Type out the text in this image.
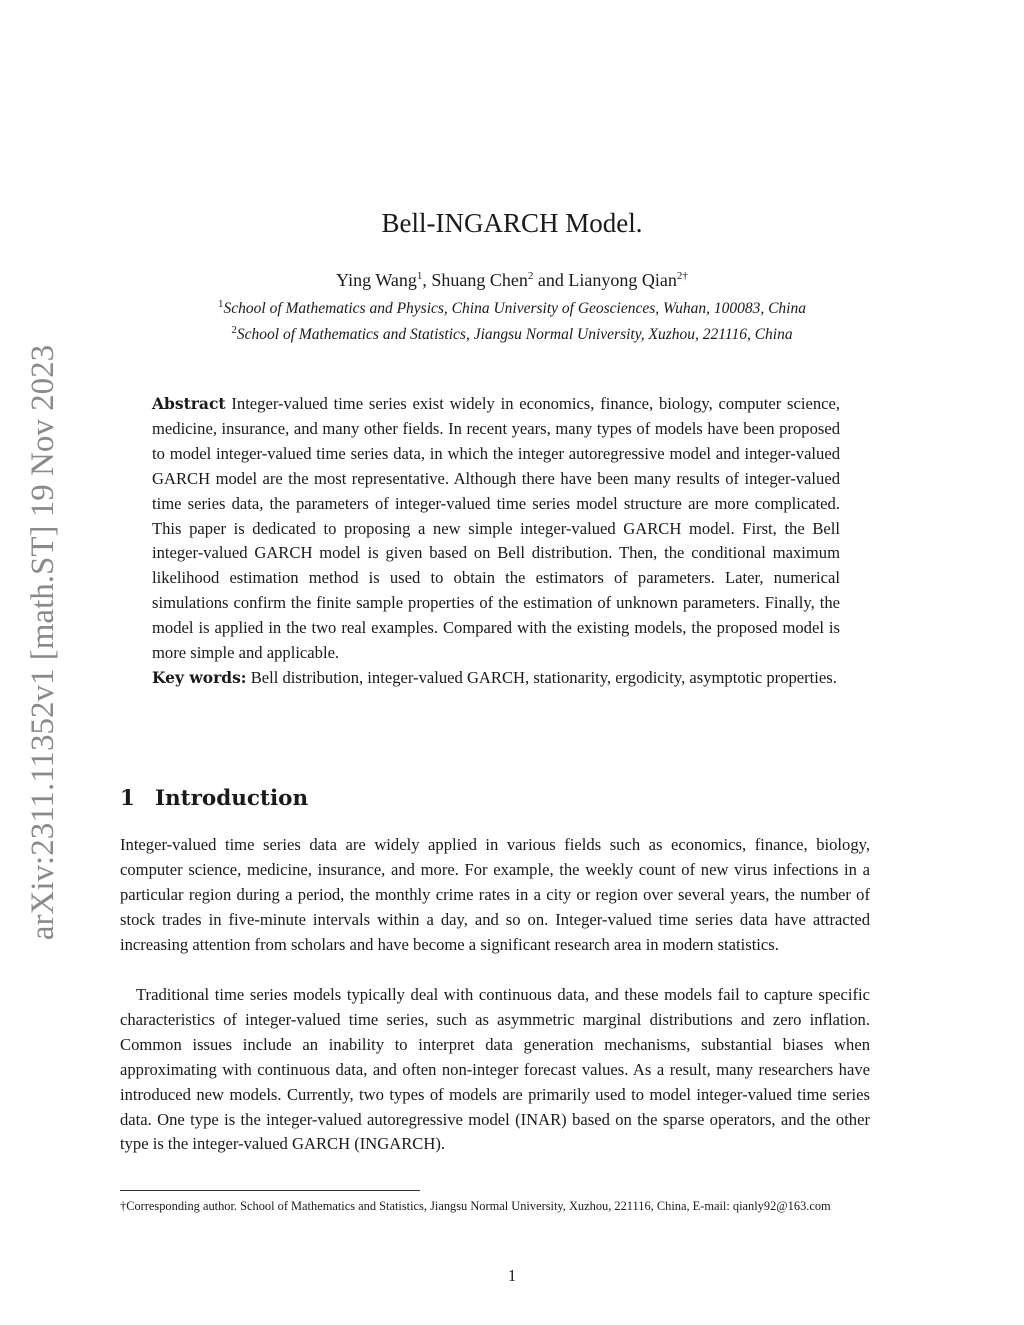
arXiv:2311.11352v1 [math.ST] 19 Nov 2023
Bell-INGARCH Model.
Ying Wang$^1$, Shuang Chen$^2$ and Lianyong Qian$^{2\dagger}$
$^1$School of Mathematics and Physics, China University of Geosciences, Wuhan, 100083, China
$^2$School of Mathematics and Statistics, Jiangsu Normal University, Xuzhou, 221116, China

Abstract Integer-valued time series exist widely in economics, finance, biology, computer science, medicine, insurance, and many other fields. In recent years, many types of models have been proposed to model integer-valued time series data, in which the integer autoregressive model and integer-valued GARCH model are the most representative. Although there have been many results of integer-valued time series data, the parameters of integer-valued time series model structure are more complicated. This paper is dedicated to proposing a new simple integer-valued GARCH model. First, the Bell integer-valued GARCH model is given based on Bell distribution. Then, the conditional maximum likelihood estimation method is used to obtain the estimators of parameters. Later, numerical simulations confirm the finite sample properties of the estimation of unknown parameters. Finally, the model is applied in the two real examples. Compared with the existing models, the proposed model is more simple and applicable.

Key words: Bell distribution, integer-valued GARCH, stationarity, ergodicity, asymptotic properties.

1 Introduction

Integer-valued time series data are widely applied in various fields such as economics, finance, biology, computer science, medicine, insurance, and more. For example, the weekly count of new virus infections in a particular region during a period, the monthly crime rates in a city or region over several years, the number of stock trades in five-minute intervals within a day, and so on. Integer-valued time series data have attracted increasing attention from scholars and have become a significant research area in modern statistics.

Traditional time series models typically deal with continuous data, and these models fail to capture specific characteristics of integer-valued time series, such as asymmetric marginal distributions and zero inflation. Common issues include an inability to interpret data generation mechanisms, substantial biases when approximating with continuous data, and often non-integer forecast values. As a result, many researchers have introduced new models. Currently, two types of models are primarily used to model integer-valued time series data. One type is the integer-valued autoregressive model (INAR) based on the sparse operators, and the other type is the integer-valued GARCH (INGARCH).

†Corresponding author. School of Mathematics and Statistics, Jiangsu Normal University, Xuzhou, 221116, China, E-mail: qianly92@163.com
1
